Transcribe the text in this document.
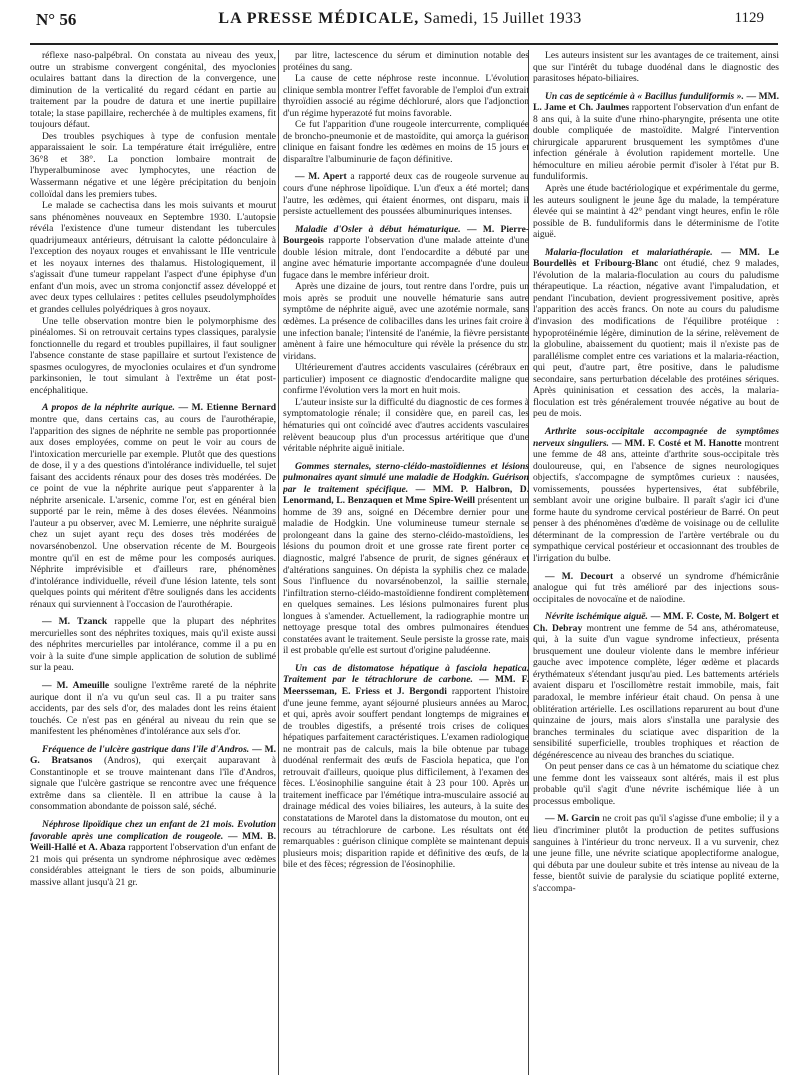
N° 56	LA PRESSE MÉDICALE, Samedi, 15 Juillet 1933	1129

réflexe naso-palpébral. On constata au niveau des yeux, outre un strabisme convergent congénital, des myoclonies oculaires battant dans la direction de la convergence, une diminution de la verticalité du regard cédant en partie au traitement par la poudre de datura et une inertie pupillaire totale; la stase papillaire, recherchée à de multiples examens, fit toujours défaut.

Des troubles psychiques à type de confusion mentale apparaissaient le soir. La température était irrégulière, entre 36°8 et 38°. La ponction lombaire montrait de l'hyperalbuminose avec lymphocytes, une réaction de Wassermann négative et une légère précipitation du benjoin colloïdal dans les premiers tubes.

Le malade se cachectisa dans les mois suivants et mourut sans phénomènes nouveaux en Septembre 1930. L'autopsie révéla l'existence d'une tumeur distendant les tubercules quadrijumeaux antérieurs, détruisant la calotte pédonculaire à l'exception des noyaux rouges et envahissant le IIIe ventricule et les noyaux internes des thalamus. Histologiquement, il s'agissait d'une tumeur rappelant l'aspect d'une épiphyse d'un enfant d'un mois, avec un stroma conjonctif assez développé et avec deux types cellulaires : petites cellules pseudolymphoïdes et grandes cellules polyédriques à gros noyaux.

Une telle observation montre bien le polymorphisme des pinéalomes. Si on retrouvait certains types classiques, paralysie fonctionnelle du regard et troubles pupillaires, il faut souligner l'absence constante de stase papillaire et surtout l'existence de spasmes oculogyres, de myoclonies oculaires et d'un syndrome parkinsonien, le tout simulant à l'extrême un état post-encéphalitique.

A propos de la néphrite aurique. — M. Etienne Bernard montre que, dans certains cas, au cours de l'aurothérapie, l'apparition des signes de néphrite ne semble pas proportionnée aux doses employées, comme on peut le voir au cours de l'intoxication mercurielle par exemple. Plutôt que des questions de dose, il y a des questions d'intolérance individuelle, tel sujet faisant des accidents rénaux pour des doses très modérées. De ce point de vue la néphrite aurique peut s'apparenter à la néphrite arsenicale. L'arsenic, comme l'or, est en général bien supporté par le rein, même à des doses élevées. Néanmoins l'auteur a pu observer, avec M. Lemierre, une néphrite suraiguë chez un sujet ayant reçu des doses très modérées de novarsénobenzol. Une observation récente de M. Bourgeois montre qu'il en est de même pour les composés auriques. Néphrite imprévisible et d'ailleurs rare, phénomènes d'intolérance individuelle, réveil d'une lésion latente, tels sont quelques points qui méritent d'être soulignés dans les accidents rénaux qui surviennent à l'occasion de l'aurothérapie.

— M. Tzanck rappelle que la plupart des néphrites mercurielles sont des néphrites toxiques, mais qu'il existe aussi des néphrites mercurielles par intolérance, comme il a pu en voir à la suite d'une simple application de solution de sublimé sur la peau.

— M. Ameuille souligne l'extrême rareté de la néphrite aurique dont il n'a vu qu'un seul cas. Il a pu traiter sans accidents, par des sels d'or, des malades dont les reins étaient touchés. Ce n'est pas en général au niveau du rein que se manifestent les phénomènes d'intolérance aux sels d'or.

Fréquence de l'ulcère gastrique dans l'île d'Andros. — M. G. Bratsanos (Andros), qui exerçait auparavant à Constantinople et se trouve maintenant dans l'île d'Andros, signale que l'ulcère gastrique se rencontre avec une fréquence extrême dans sa clientèle. Il en attribue la cause à la consommation abondante de poisson salé, séché.

Néphrose lipoïdique chez un enfant de 21 mois. Evolution favorable après une complication de rougeole. — MM. B. Weill-Hallé et A. Abaza rapportent l'observation d'un enfant de 21 mois qui présenta un syndrome néphrosique avec œdèmes considérables atteignant le tiers de son poids, albuminurie massive allant jusqu'à 21 gr.

par litre, lactescence du sérum et diminution notable des protéines du sang.

La cause de cette néphrose reste inconnue. L'évolution clinique sembla montrer l'effet favorable de l'emploi d'un extrait thyroïdien associé au régime déchloruré, alors que l'adjonction d'un régime hyperazoté fut moins favorable.

Ce fut l'apparition d'une rougeole intercurrente, compliquée de broncho-pneumonie et de mastoïdite, qui amorça la guérison clinique en faisant fondre les œdèmes en moins de 15 jours et disparaître l'albuminurie de façon définitive.

— M. Apert a rapporté deux cas de rougeole survenue au cours d'une néphrose lipoïdique. L'un d'eux a été mortel; dans l'autre, les œdèmes, qui étaient énormes, ont disparu, mais il persiste actuellement des poussées albuminuriques intenses.

Maladie d'Osler à début hématurique. — M. Pierre-Bourgeois rapporte l'observation d'une malade atteinte d'une double lésion mitrale, dont l'endocardite a débuté par une angine avec hématurie importante accompagnée d'une douleur fugace dans le membre inférieur droit.

Après une dizaine de jours, tout rentre dans l'ordre, puis un mois après se produit une nouvelle hématurie sans autre symptôme de néphrite aiguë, avec une azotémie normale, sans œdèmes. La présence de colibacilles dans les urines fait croire à une infection banale; l'intensité de l'anémie, la fièvre persistante amènent à faire une hémoculture qui révèle la présence du str. viridans.

Ultérieurement d'autres accidents vasculaires (cérébraux en particulier) imposent ce diagnostic d'endocardite maligne que confirme l'évolution vers la mort en huit mois.

L'auteur insiste sur la difficulté du diagnostic de ces formes à symptomatologie rénale; il considère que, en pareil cas, les hématuries qui ont coïncidé avec d'autres accidents vasculaires relèvent beaucoup plus d'un processus artéritique que d'une véritable néphrite aiguë initiale.

Gommes sternales, sterno-cléido-mastoïdiennes et lésions pulmonaires ayant simulé une maladie de Hodgkin. Guérison par le traitement spécifique. — MM. P. Halbron, D. Lenormand, L. Benzaquen et Mme Spire-Weill présentent un homme de 39 ans, soigné en Décembre dernier pour une maladie de Hodgkin. Une volumineuse tumeur sternale se prolongeant dans la gaine des sterno-cléido-mastoïdiens, les lésions du poumon droit et une grosse rate firent porter ce diagnostic, malgré l'absence de prurit, de signes généraux et d'altérations sanguines. On dépista la syphilis chez ce malade. Sous l'influence du novarsénobenzol, la saillie sternale, l'infiltration sterno-cléido-mastoïdienne fondirent complètement en quelques semaines. Les lésions pulmonaires furent plus longues à s'amender. Actuellement, la radiographie montre un nettoyage presque total des ombres pulmonaires étendues constatées avant le traitement. Seule persiste la grosse rate, mais il est probable qu'elle est surtout d'origine paludéenne.

Un cas de distomatose hépatique à fasciola hepatica. Traitement par le tétrachlorure de carbone. — MM. F. Meersseman, E. Friess et J. Bergondi rapportent l'histoire d'une jeune femme, ayant séjourné plusieurs années au Maroc, et qui, après avoir souffert pendant longtemps de migraines et de troubles digestifs, a présenté trois crises de coliques hépatiques parfaitement caractéristiques. L'examen radiologique ne montrait pas de calculs, mais la bile obtenue par tubage duodénal renfermait des œufs de Fasciola hepatica, que l'on retrouvait d'ailleurs, quoique plus difficilement, à l'examen des fèces. L'éosinophilie sanguine était à 23 pour 100. Après un traitement inefficace par l'émétique intra-musculaire associé au drainage médical des voies biliaires, les auteurs, à la suite des constatations de Marotel dans la distomatose du mouton, ont eu recours au tétrachlorure de carbone. Les résultats ont été remarquables : guérison clinique complète se maintenant depuis plusieurs mois; disparition rapide et définitive des œufs, de la bile et des fèces; régression de l'éosinophilie.

Les auteurs insistent sur les avantages de ce traitement, ainsi que sur l'intérêt du tubage duodénal dans le diagnostic des parasitoses hépato-biliaires.

Un cas de septicémie à « Bacillus funduliformis ». — MM. L. Jame et Ch. Jaulmes rapportent l'observation d'un enfant de 8 ans qui, à la suite d'une rhino-pharyngite, présenta une otite double compliquée de mastoïdite. Malgré l'intervention chirurgicale apparurent brusquement les symptômes d'une infection générale à évolution rapidement mortelle. Une hémoculture en milieu aérobie permit d'isoler à l'état pur B. funduliformis.

Après une étude bactériologique et expérimentale du germe, les auteurs soulignent le jeune âge du malade, la température élevée qui se maintint à 42° pendant vingt heures, enfin le rôle possible de B. funduliformis dans le déterminisme de l'otite aiguë.

Malaria-floculation et malariathérapie. — MM. Le Bourdellès et Fribourg-Blanc ont étudié, chez 9 malades, l'évolution de la malaria-floculation au cours du paludisme thérapeutique. La réaction, négative avant l'impaludation, et pendant l'incubation, devient progressivement positive, après l'apparition des accès francs. On note au cours du paludisme d'invasion des modifications de l'équilibre protéique : hypoprotéinémie légère, diminution de la sérine, relèvement de la globuline, abaissement du quotient; mais il n'existe pas de parallélisme complet entre ces variations et la malaria-réaction, qui peut, d'autre part, être positive, dans le paludisme secondaire, sans perturbation décelable des protéines sériques. Après quininisation et cessation des accès, la malaria-floculation est très généralement trouvée négative au bout de peu de mois.

Arthrite sous-occipitale accompagnée de symptômes nerveux singuliers. — MM. F. Costé et M. Hanotte montrent une femme de 48 ans, atteinte d'arthrite sous-occipitale très douloureuse, qui, en l'absence de signes neurologiques objectifs, s'accompagne de symptômes curieux : nausées, vomissements, poussées hypertensives, état subfébrile, semblant avoir une origine bulbaire. Il paraît s'agir ici d'une forme haute du syndrome cervical postérieur de Barré. On peut penser à des phénomènes d'œdème de voisinage ou de cellulite déterminant de la compression de l'artère vertébrale ou du sympathique cervical postérieur et occasionnant des troubles de l'irrigation du bulbe.

— M. Decourt a observé un syndrome d'hémicrânie analogue qui fut très amélioré par des injections sous-occipitales de novocaïne et de naïodine.

Névrite ischémique aiguë. — MM. F. Coste, M. Bolgert et Ch. Debray montrent une femme de 54 ans, athéromateuse, qui, à la suite d'un vague syndrome infectieux, présenta brusquement une douleur violente dans le membre inférieur gauche avec impotence complète, léger œdème et placards érythémateux s'étendant jusqu'au pied. Les battements artériels avaient disparu et l'oscillomètre restait immobile, mais, fait paradoxal, le membre inférieur était chaud. On pensa à une oblitération artérielle. Les oscillations reparurent au bout d'une quinzaine de jours, mais alors s'installa une paralysie des branches terminales du sciatique avec disparition de la sensibilité superficielle, troubles trophiques et réaction de dégénérescence au niveau des branches du sciatique.

On peut penser dans ce cas à un hématome du sciatique chez une femme dont les vaisseaux sont altérés, mais il est plus probable qu'il s'agit d'une névrite ischémique liée à un processus embolique.

— M. Garcin ne croit pas qu'il s'agisse d'une embolie; il y a lieu d'incriminer plutôt la production de petites suffusions sanguines à l'intérieur du tronc nerveux. Il a vu survenir, chez une jeune fille, une névrite sciatique apoplectiforme analogue, qui débuta par une douleur subite et très intense au niveau de la fesse, bientôt suivie de paralysie du sciatique poplité externe, s'accompa-
